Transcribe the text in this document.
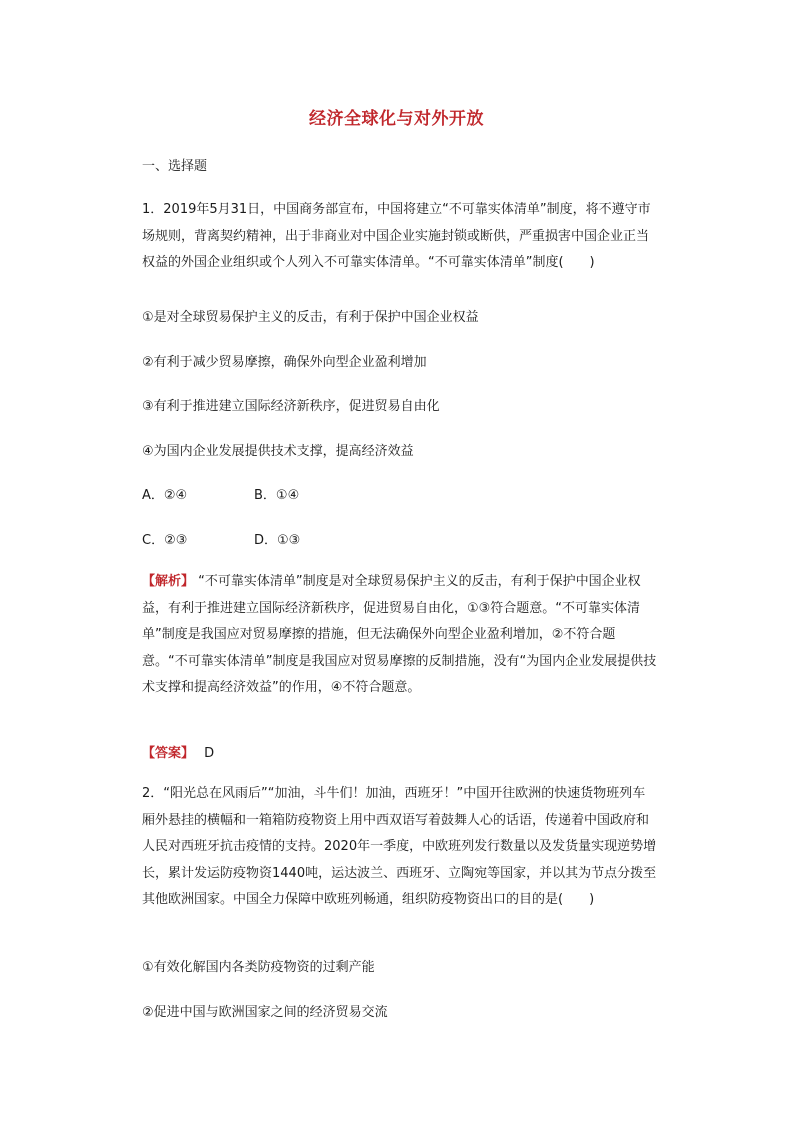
经济全球化与对外开放
一、选择题
1．2019年5月31日，中国商务部宣布，中国将建立“不可靠实体清单”制度，将不遵守市场规则，背离契约精神，出于非商业对中国企业实施封锁或断供，严重损害中国企业正当权益的外国企业组织或个人列入不可靠实体清单。“不可靠实体清单”制度(　　)
①是对全球贸易保护主义的反击，有利于保护中国企业权益
②有利于减少贸易摩擦，确保外向型企业盈利增加
③有利于推进建立国际经济新秩序，促进贸易自由化
④为国内企业发展提供技术支撑，提高经济效益
A．②④	B．①④
C．②③	D．①③
【解析】 “不可靠实体清单”制度是对全球贸易保护主义的反击，有利于保护中国企业权益，有利于推进建立国际经济新秩序，促进贸易自由化，①③符合题意。“不可靠实体清单”制度是我国应对贸易摩擦的措施，但无法确保外向型企业盈利增加，②不符合题意。“不可靠实体清单”制度是我国应对贸易摩擦的反制措施，没有“为国内企业发展提供技术支撑和提高经济效益”的作用，④不符合题意。
【答案】 D
2．“阳光总在风雨后”“加油，斗牛们！加油，西班牙！”中国开往欧洲的快速货物班列车厢外悬挂的横幅和一箱箱防疫物资上用中西双语写着鼓舞人心的话语，传递着中国政府和人民对西班牙抗击疫情的支持。2020年一季度，中欧班列发行数量以及发货量实现逆势增长，累计发运防疫物资1440吨，运达波兰、西班牙、立陶宛等国家，并以其为节点分拨至其他欧洲国家。中国全力保障中欧班列畅通，组织防疫物资出口的目的是(　　)
①有效化解国内各类防疫物资的过剩产能
②促进中国与欧洲国家之间的经济贸易交流
